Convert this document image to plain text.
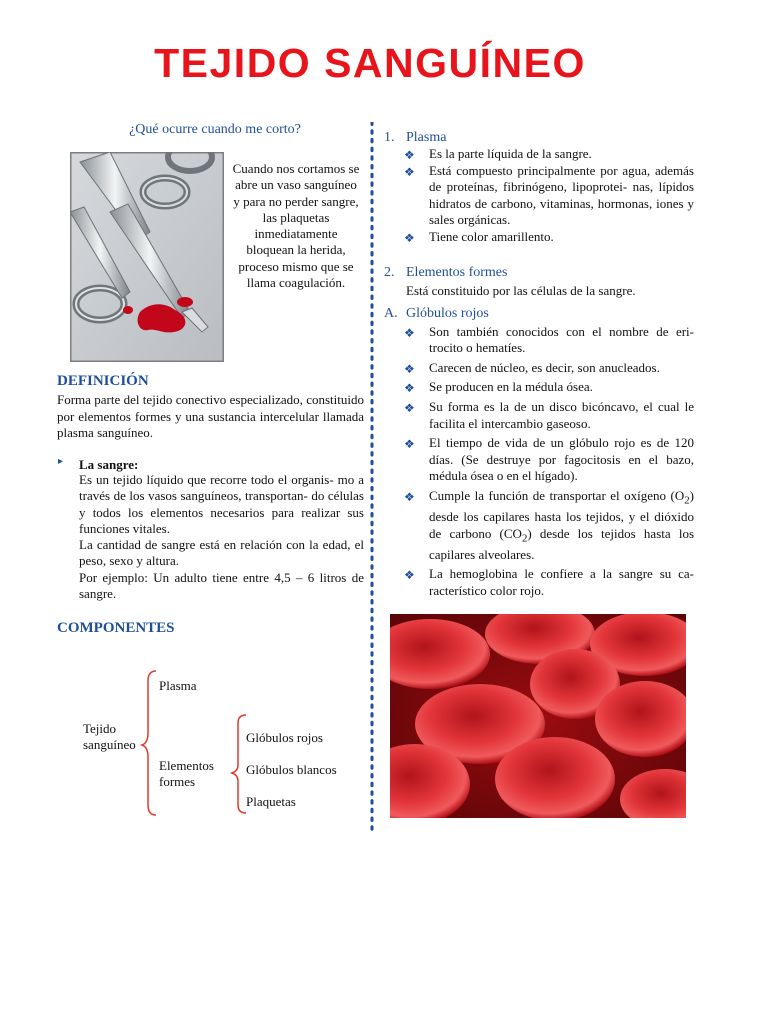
TEJIDO SANGUÍNEO
¿Qué ocurre cuando me corto?
Cuando nos cortamos se abre un vaso sanguíneo y para no perder sangre, las plaquetas inmediatamente bloquean la herida, proceso mismo que se llama coagulación.
DEFINICIÓN
Forma parte del tejido conectivo especializado, constituido por elementos formes y una sustancia intercelular llamada plasma sanguíneo.
▸ La sangre:

Es un tejido líquido que recorre todo el organis- mo a través de los vasos sanguíneos, transportan- do células y todos los elementos necesarios para realizar sus funciones vitales.

La cantidad de sangre está en relación con la edad, el peso, sexo y altura.

Por ejemplo: Un adulto tiene entre 4,5 – 6 litros de sangre.

COMPONENTES
Tejido
sanguíneo
Plasma
Elementos
formes
Glóbulos rojos
Glóbulos blancos
Plaquetas
1. Plasma
❖ Es la parte líquida de la sangre.
❖ Está compuesto principalmente por agua, además de proteínas, fibrinógeno, lipoprotei- nas, lípidos hidratos de carbono, vitaminas, hormonas, iones y sales orgánicas.
❖ Tiene color amarillento.
2. Elementos formes
Está constituido por las células de la sangre.
A. Glóbulos rojos
❖ Son también conocidos con el nombre de eri- trocito o hematíes.
❖ Carecen de núcleo, es decir, son anucleados.
❖ Se producen en la médula ósea.
❖ Su forma es la de un disco bicóncavo, el cual le facilita el intercambio gaseoso.
❖ El tiempo de vida de un glóbulo rojo es de 120 días. (Se destruye por fagocitosis en el bazo, médula ósea o en el hígado).
❖ Cumple la función de transportar el oxígeno $(O_2)$ desde los capilares hasta los tejidos, y el dióxido de carbono $(CO_2)$ desde los tejidos hasta los capilares alveolares.
❖ La hemoglobina le confiere a la sangre su ca- racterístico color rojo.
